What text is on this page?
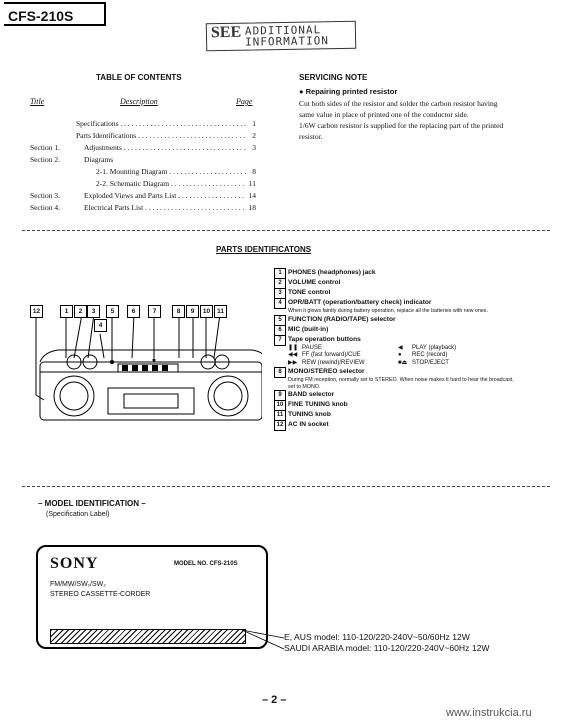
CFS-210S
SEE ADDITIONAL
INFORMATION
TABLE OF CONTENTS
Title	Description	Page
Specifications . . .	1
Parts Identifications . . .	2
Section 1.	Adjustments . . .	3
Section 2.	Diagrams
2-1. Mounting Diagram . . .	8
2-2. Schematic Diagram . . .	11
Section 3.	Exploded Views and Parts List . . .	14
Section 4.	Electrical Parts List . . .	18
SERVICING NOTE
● Repairing printed resistor
Cut both sides of the resistor and solder the carbon resistor having same value in place of printed one of the conductor side.
1/6W carbon resistor is supplied for the replacing part of the printed resistor.
PARTS IDENTIFICATONS
12	1	2	3
4
5	6	7	8	9	10	11
1 PHONES (headphones) jack
2 VOLUME control
3 TONE control
4 OPR/BATT (operation/battery check) indicator
When it glows faintly during battery operation, replace all the batteries with new ones.
5 FUNCTION (RADIO/TAPE) selector
6 MIC (built-in)
7 Tape operation buttons
❚❚ PAUSE	◀	PLAY (playback)
◀◀ FF (fast forward)/CUE	●	REC (record)
▶▶ REW (rewind)/REVIEW	■⏏ STOP/EJECT
8 MONO/STEREO selector
During FM reception, normally set to STEREO. When noise makes it hard to hear the broadcast, set to MONO.
9 BAND selector
10 FINE TUNING knob
11 TUNING knob
12 AC IN socket
– MODEL IDENTIFICATION –
(Specification Label)
SONY	MODEL NO. CFS-210S
FM/MW/SW₁/SW₂
STEREO CASSETTE-CORDER
E, AUS model: 110-120/220-240V~50/60Hz 12W
SAUDI ARABIA model: 110-120/220-240V~60Hz 12W
– 2 –
www.instrukcia.ru
